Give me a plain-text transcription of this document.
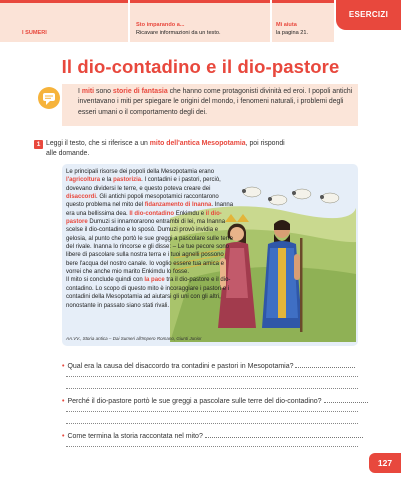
I SUMERI
Sto imparando a...
Ricavare informazioni da un testo.
Mi aiuta
la pagina 21.
ESERCIZI
Il dio-contadino e il dio-pastore
I miti sono storie di fantasia che hanno come protagonisti divinità ed eroi. I popoli antichi inventavano i miti per spiegare le origini del mondo, i fenomeni naturali, i problemi degli esseri umani o il comportamento degli dei.
1 Leggi il testo, che si riferisce a un mito dell'antica Mesopotamia, poi rispondi alle domande.
Le principali risorse dei popoli della Mesopotamia erano l'agricoltura e la pastorizia. I contadini e i pastori, perciò, dovevano dividersi le terre, e questo poteva creare dei disaccordi. Gli antichi popoli mesopotamici raccontarono questo problema nel mito del fidanzamento di Inanna. Inanna era una bellissima dea. Il dio-contadino Enkimdu e il dio-pastore Dumuzi si innamorarono entrambi di lei, ma Inanna scelse il dio-contadino e lo sposò. Dumuzi provò invidia e gelosia, al punto che portò le sue greggi a pascolare sulle terre del rivale. Inanna lo rincorse e gli disse: – Le tue pecore sono libere di pascolare sulla nostra terra e i tuoi agnelli possono bere l'acqua del nostro canale. Io voglio essere tua amica e vorrei che anche mio marito Enkimdu lo fosse.
Il mito si conclude quindi con la pace tra il dio-pastore e il dio-contadino. Lo scopo di questo mito è incoraggiare i pastori e i contadini della Mesopotamia ad aiutarsi gli uni con gli altri, nonostante in passato siano stati rivali.
AA.VV., Storia antica – Dai Sumeri all'Impero Romano, Giunti Junior
• Qual era la causa del disaccordo tra contadini e pastori in Mesopotamia?
• Perché il dio-pastore portò le sue greggi a pascolare sulle terre del dio-contadino?
• Come termina la storia raccontata nel mito?
127
